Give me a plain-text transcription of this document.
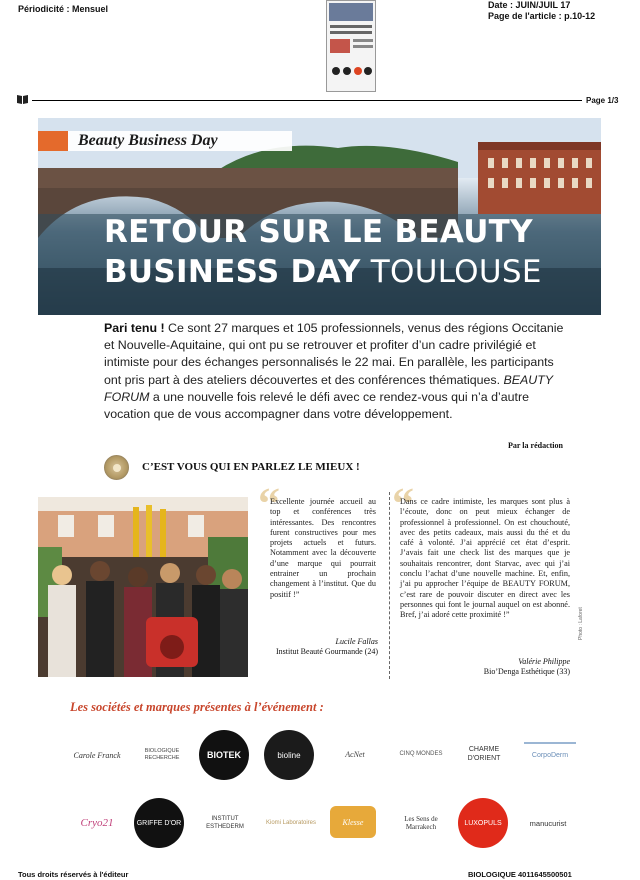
Périodicité : Mensuel	Date : JUIN/JUIL 17
Page de l'article : p.10-12
Page 1/3
Beauty Business Day
RETOUR SUR LE BEAUTY
BUSINESS DAY TOULOUSE

Pari tenu ! Ce sont 27 marques et 105 professionnels, venus des régions Occitanie et Nouvelle-Aquitaine, qui ont pu se retrouver et profiter d’un cadre privilégié et intimiste pour des échanges personnalisés le 22 mai. En parallèle, les participants ont pris part à des ateliers découvertes et des conférences thématiques. BEAUTY FORUM a une nouvelle fois relevé le défi avec ce rendez-vous qui n’a d’autre vocation que de vous accompagner dans votre développement.

Par la rédaction
C’EST VOUS QUI EN PARLEZ LE MIEUX !
“

Excellente journée accueil au top et conférences très intéressantes. Des rencontres furent constructives pour mes projets actuels et futurs. Notamment avec la découverte d’une marque qui pourrait entrainer un prochain changement à l’institut. Que du positif !”

Lucile Fallas
Institut Beauté Gourmande (24)
“

Dans ce cadre intimiste, les marques sont plus à l’écoute, donc on peut mieux échanger de professionnel à professionnel. On est chouchouté, avec des petits cadeaux, mais aussi du thé et du café à volonté. J’ai apprécié cet état d’esprit. J’avais fait une check list des marques que je souhaitais rencontrer, dont Starvac, avec qui j’ai conclu l’achat d’une nouvelle machine. Et, enfin, j’ai pu approcher l’équipe de BEAUTY FORUM, c’est rare de pouvoir discuter en direct avec les personnes qui font le journal auquel on est abonné. Bref, j’ai adoré cette proximité !”

Valérie Philippe
Bio’Denga Esthétique (33)
Photo : Laforet
Les sociétés et marques présentes à l’événement :
Carole Franck	BIOLOGIQUE RECHERCHE	BIOTEK	bioline	AcNet	CINQ MONDES
CHARME D'ORIENT	CorpoDerm
Cryo21	GRIFFE D'OR
INSTITUT ESTHEDERM
Kiomi Laboratoires	Klesse	Les Sens de Marrakech	LUXOPULS	manucurist
Tous droits réservés à l'éditeur	BIOLOGIQUE 4011645500501
